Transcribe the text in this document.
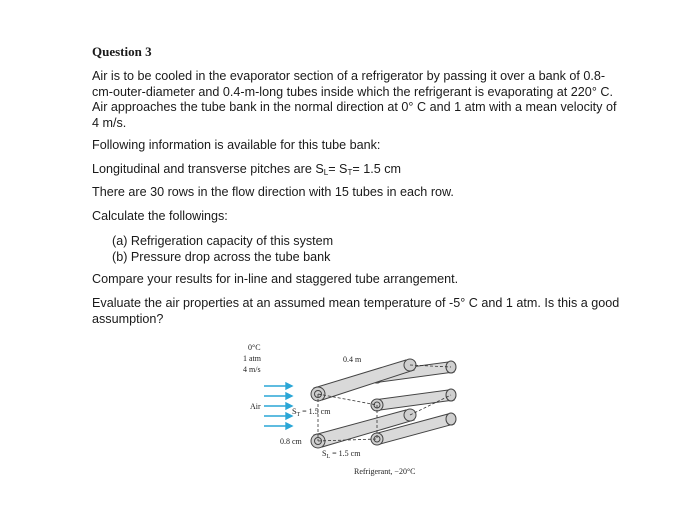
Question 3
Air is to be cooled in the evaporator section of a refrigerator by passing it over a bank of 0.8-cm-outer-diameter and 0.4-m-long tubes inside which the refrigerant is evaporating at 220° C. Air approaches the tube bank in the normal direction at 0° C and 1 atm with a mean velocity of 4 m/s.
Following information is available for this tube bank:
Longitudinal and transverse pitches are $S_L= S_T= 1.5$ cm
There are 30 rows in the flow direction with 15 tubes in each row.
Calculate the followings:
(a) Refrigeration capacity of this system
(b) Pressure drop across the tube bank
Compare your results for in-line and staggered tube arrangement.
Evaluate the air properties at an assumed mean temperature of -5° C and 1 atm. Is this a good assumption?
0°C
1 atm
4 m/s
0.4 m
Air
$S_T = 1.5$ cm
0.8 cm
$S_L = 1.5$ cm
Refrigerant, −20°C
